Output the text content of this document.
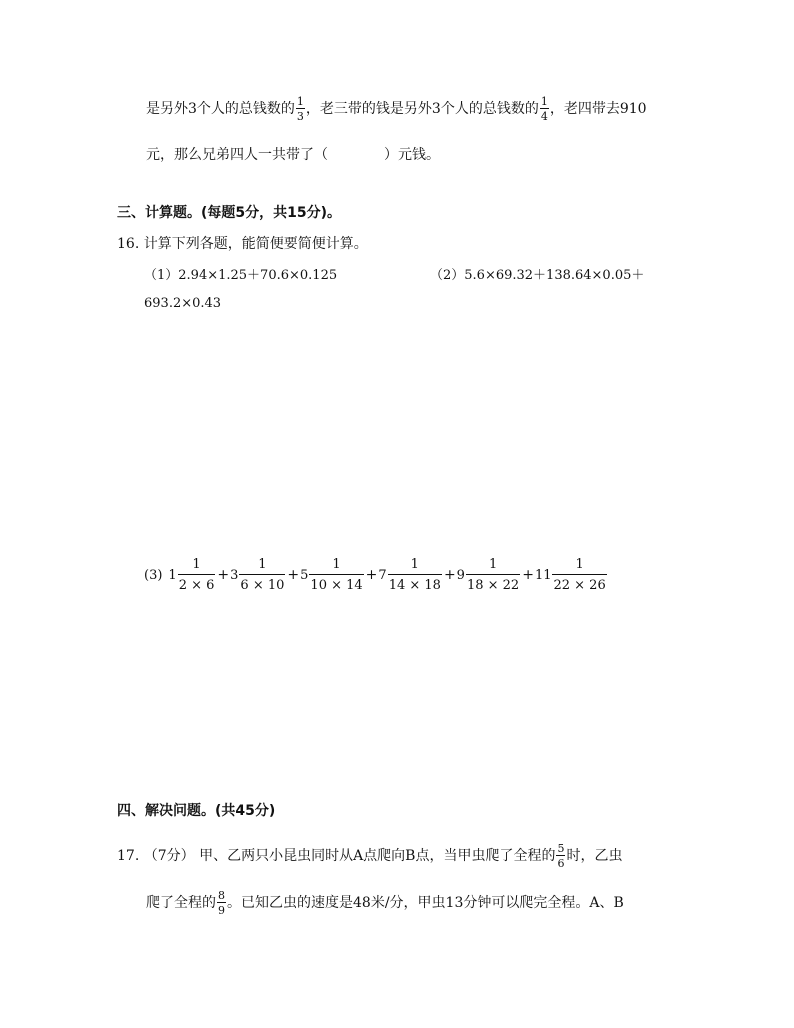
是另外3个人的总钱数的 $\frac{1}{3}$ ，老三带的钱是另外3个人的总钱数的 $\frac{1}{4}$ ，老四带去910
元，那么兄弟四人一共带了（　　　　）元钱。
三、计算题。(每题5分，共15分)。
16. 计算下列各题，能简便要简便计算。
（1）2.94×1.25＋70.6×0.125	（2）5.6×69.32＋138.64×0.05＋
693.2×0.43
(3) $1 \frac{1}{2 \times 6} + 3 \frac{1}{6 \times 10} + 5 \frac{1}{10 \times 14} + 7 \frac{1}{14 \times 18} + 9 \frac{1}{18 \times 22} + 11 \frac{1}{22 \times 26}$
四、解决问题。(共45分)
17. （7分） 甲、乙两只小昆虫同时从A点爬向B点，当甲虫爬了全程的 $\frac{5}{6}$ 时，乙虫
爬了全程的 $\frac{8}{9}$ 。已知乙虫的速度是48米/分，甲虫13分钟可以爬完全程。A、B
